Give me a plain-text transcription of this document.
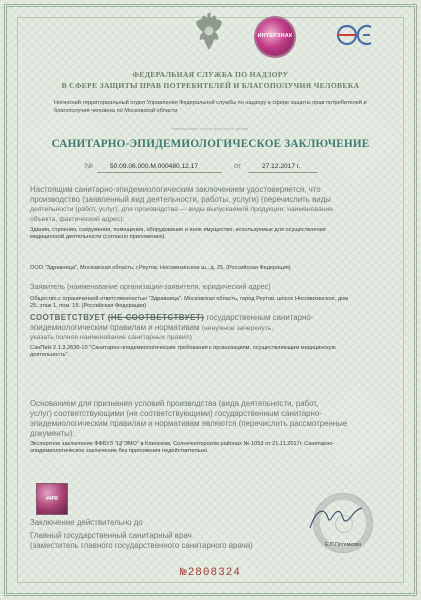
ИНТЕРЗНАК
ФЕДЕРАЛЬНАЯ СЛУЖБА ПО НАДЗОРУ
В СФЕРЕ ЗАЩИТЫ ПРАВ ПОТРЕБИТЕЛЕЙ И БЛАГОПОЛУЧИЯ ЧЕЛОВЕКА
Ногинский территориальный отдел Управления Федеральной службы по надзору в сфере защиты прав потребителей и
благополучия человека по Московской области
наименование территориального органа
САНИТАРНО-ЭПИДЕМИОЛОГИЧЕСКОЕ ЗАКЛЮЧЕНИЕ
№	50.09.06.000.М.000480.12.17	от	27.12.2017 г.
Настоящим санитарно-эпидемиологическим заключением удостоверяется, что
производство (заявленный вид деятельности, работы, услуги) (перечислить виды
деятельности (работ, услуг), для производства — виды выпускаемой продукции; наименование
объекта, фактический адрес):
Здания, строения, сооружения, помещения, оборудование и иное имущество, используемые для осуществления
медицинской деятельности (согласно приложению).
ООО "Здравница", Московская область, г.Реутов, Носовихинское ш., д. 25, (Российская Федерация)
Заявитель (наименование организации-заявителя, юридический адрес)
Общество с ограниченной ответственностью "Здравница", Московская область, город Реутов, шоссе Носовихинское, дом
25, этаж 1, пом. 15. (Российская Федерация)
СООТВЕТСТВУЕТ (НЕ СООТВЕТСТВУЕТ) государственным санитарно-
эпидемиологическим правилам и нормативам (ненужное зачеркнуть,
указать полное наименование санитарных правил)
СанПиН 2.1.3.2630-10 "Санитарно-эпидемиологические требования к организациям, осуществляющим медицинскую
деятельность".
Основанием для признания условий производства (вида деятельности, работ,
услуг) соответствующими (не соответствующими) государственным санитарно-
эпидемиологическим правилам и нормативам являются (перечислить рассмотренные
документы):
Экспертное заключение ФФБУЗ "ЦГЭМО" в Клинском, Солнечногорском районах № 1053 от 21.11.2017г. Санитарно-
эпидемиологическое заключение без приложения недействительно.
#4P8
Заключение действительно до
Главный государственный санитарный врач
(заместитель главного государственного санитарного врача)	Е.П.Потемкова
№2808324
